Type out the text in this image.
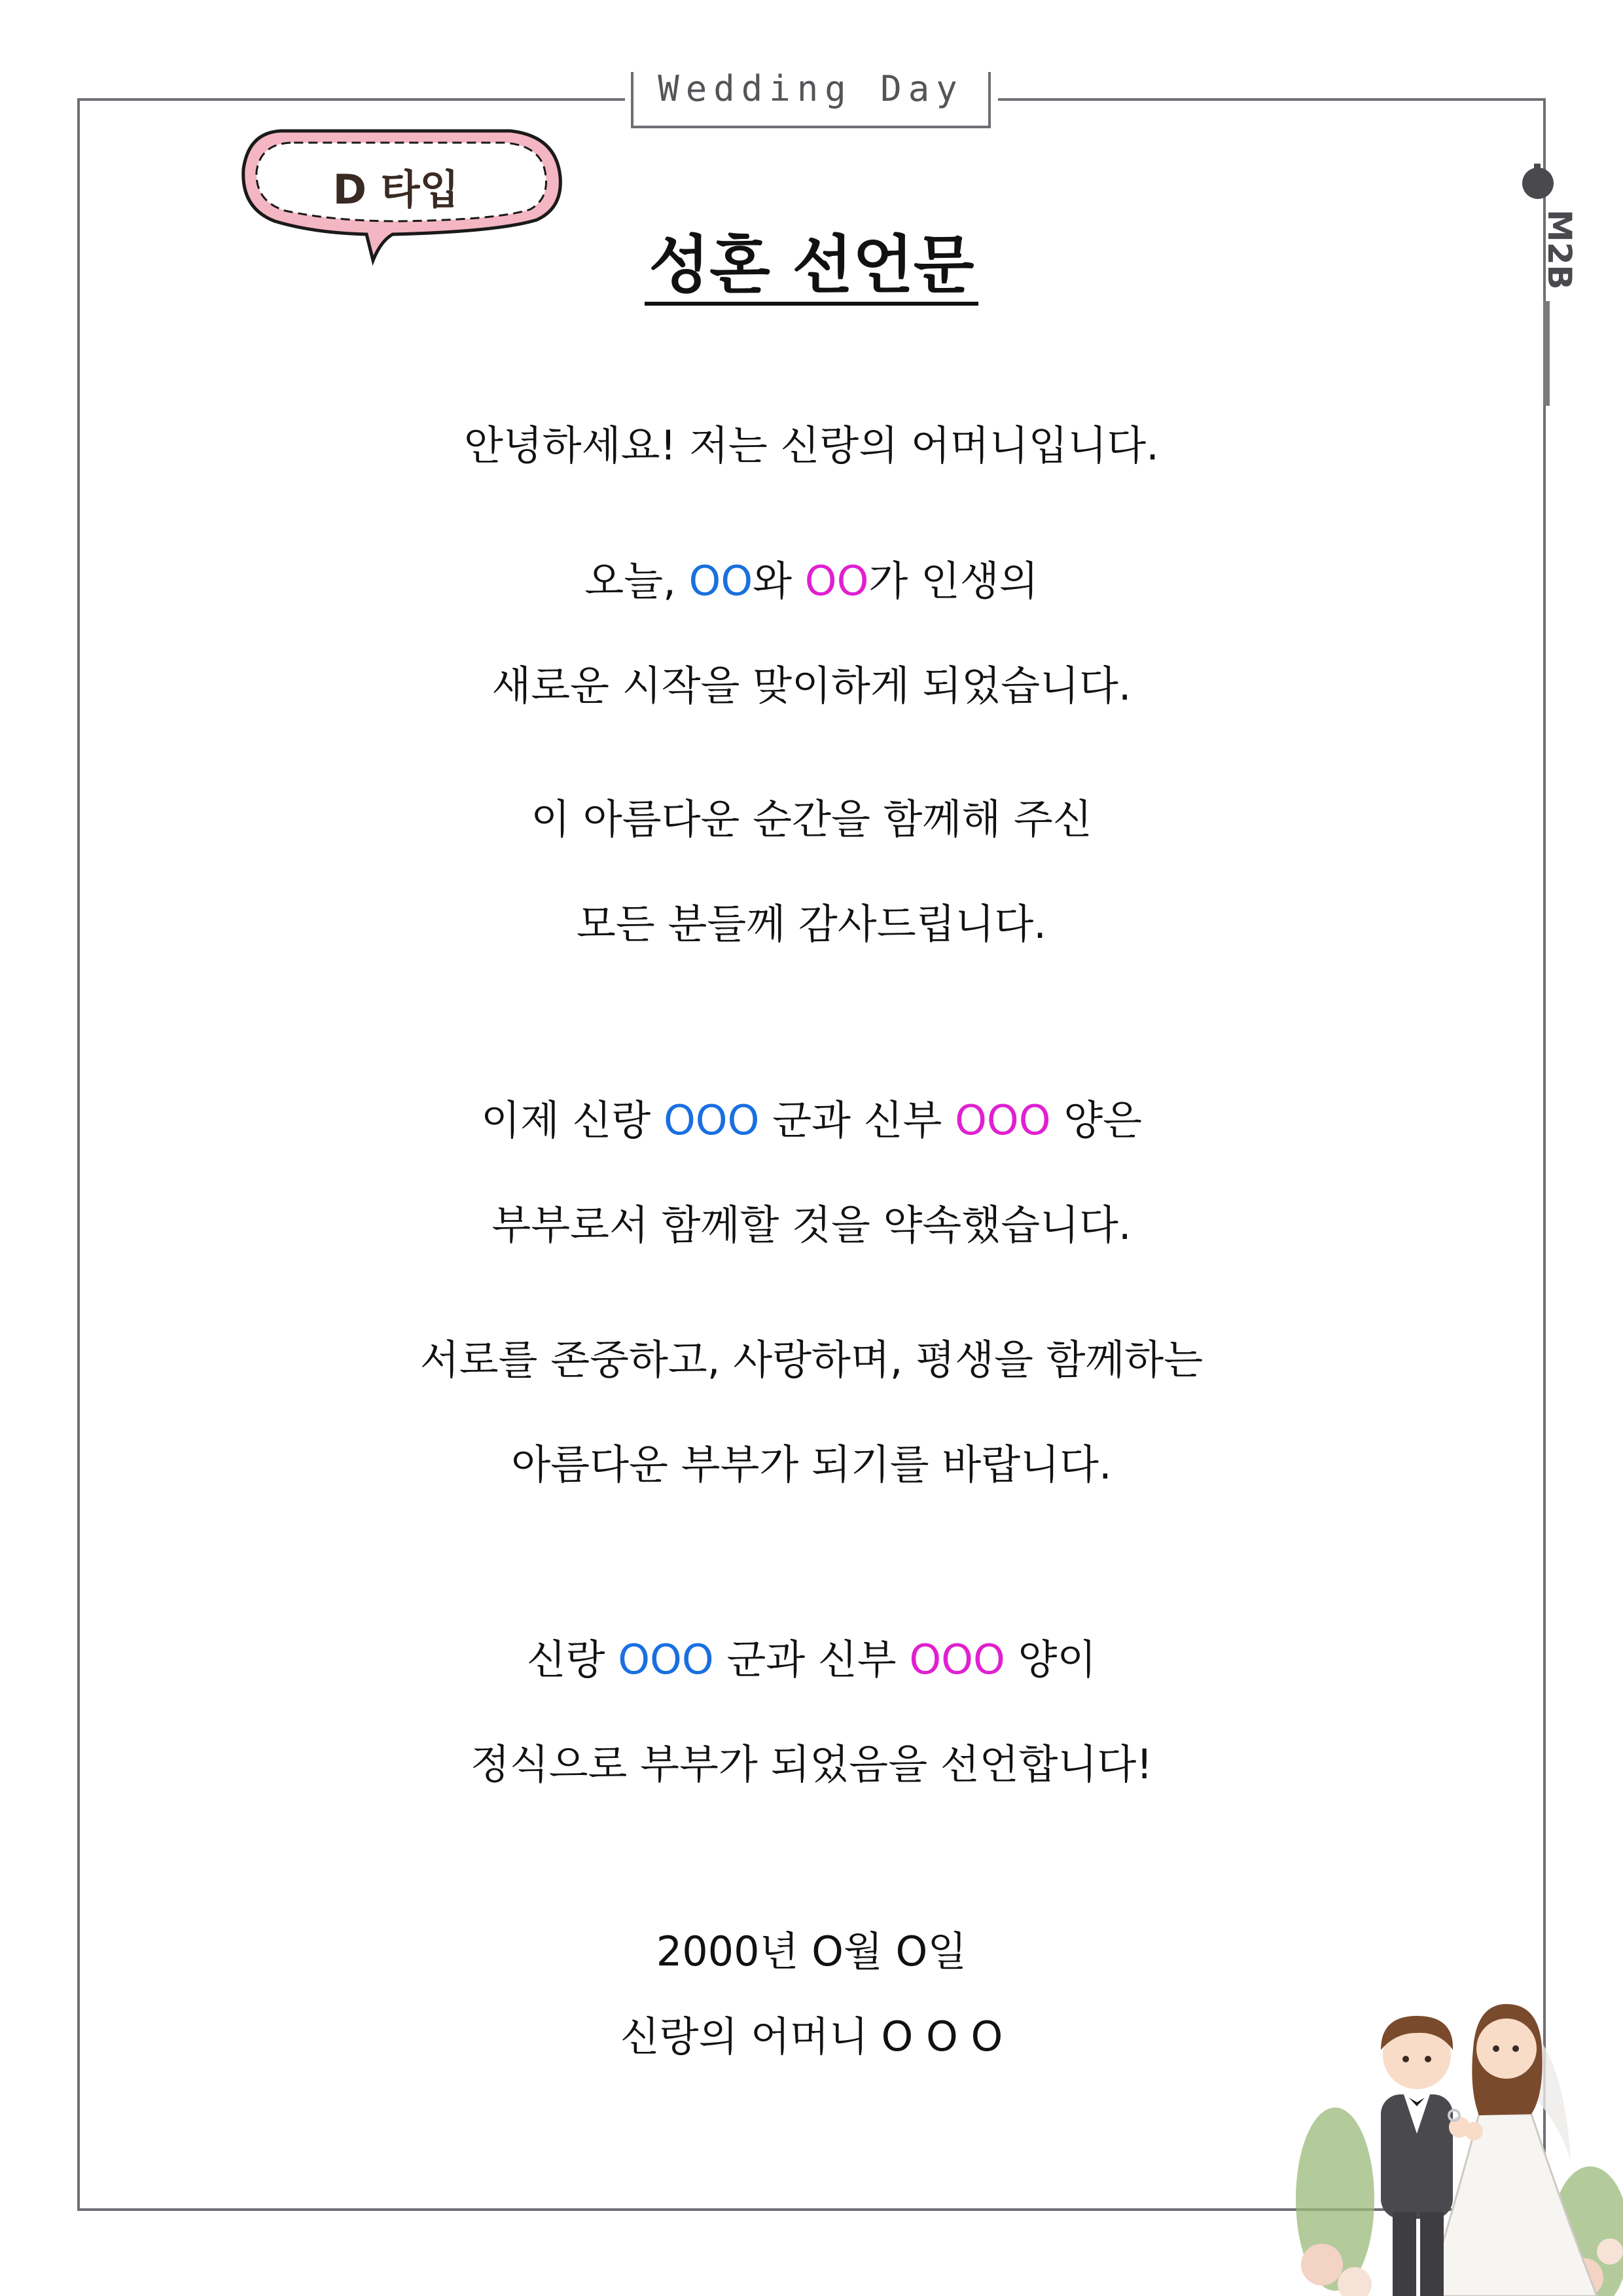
Wedding Day
D 타입
M2B
성혼 선언문
안녕하세요! 저는 신랑의 어머니입니다.
오늘, OO와 OO가 인생의
새로운 시작을 맞이하게 되었습니다.
이 아름다운 순간을 함께해 주신
모든 분들께 감사드립니다.
이제 신랑 OOO 군과 신부 OOO 양은
부부로서 함께할 것을 약속했습니다.
서로를 존중하고, 사랑하며, 평생을 함께하는
아름다운 부부가 되기를 바랍니다.
신랑 OOO 군과 신부 OOO 양이
정식으로 부부가 되었음을 선언합니다!
2000년 O월 O일
신랑의 어머니 O O O
